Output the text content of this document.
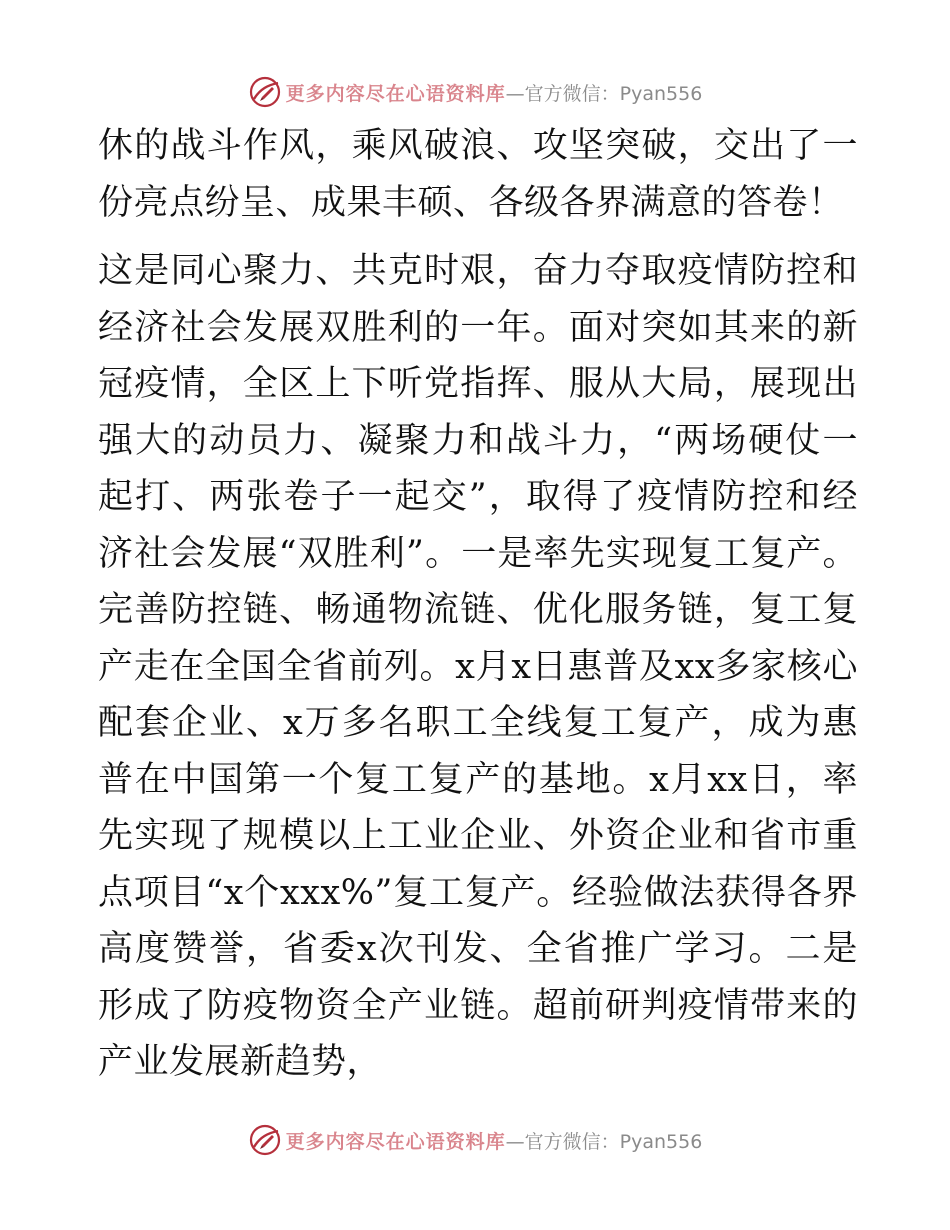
更多内容尽在心语资料库 —官方微信：Pyan556

休的战斗作风，乘风破浪、攻坚突破，交出了一份亮点纷呈、成果丰硕、各级各界满意的答卷！

这是同心聚力、共克时艰，奋力夺取疫情防控和经济社会发展双胜利的一年。面对突如其来的新冠疫情，全区上下听党指挥、服从大局，展现出强大的动员力、凝聚力和战斗力，“两场硬仗一起打、两张卷子一起交”，取得了疫情防控和经济社会发展“双胜利”。一是率先实现复工复产。完善防控链、畅通物流链、优化服务链，复工复产走在全国全省前列。x月x日惠普及xx多家核心配套企业、x万多名职工全线复工复产，成为惠普在中国第一个复工复产的基地。x月xx日，率先实现了规模以上工业企业、外资企业和省市重点项目“x个xxx%”复工复产。经验做法获得各界高度赞誉，省委x次刊发、全省推广学习。二是形成了防疫物资全产业链。超前研判疫情带来的产业发展新趋势，

更多内容尽在心语资料库 —官方微信：Pyan556
